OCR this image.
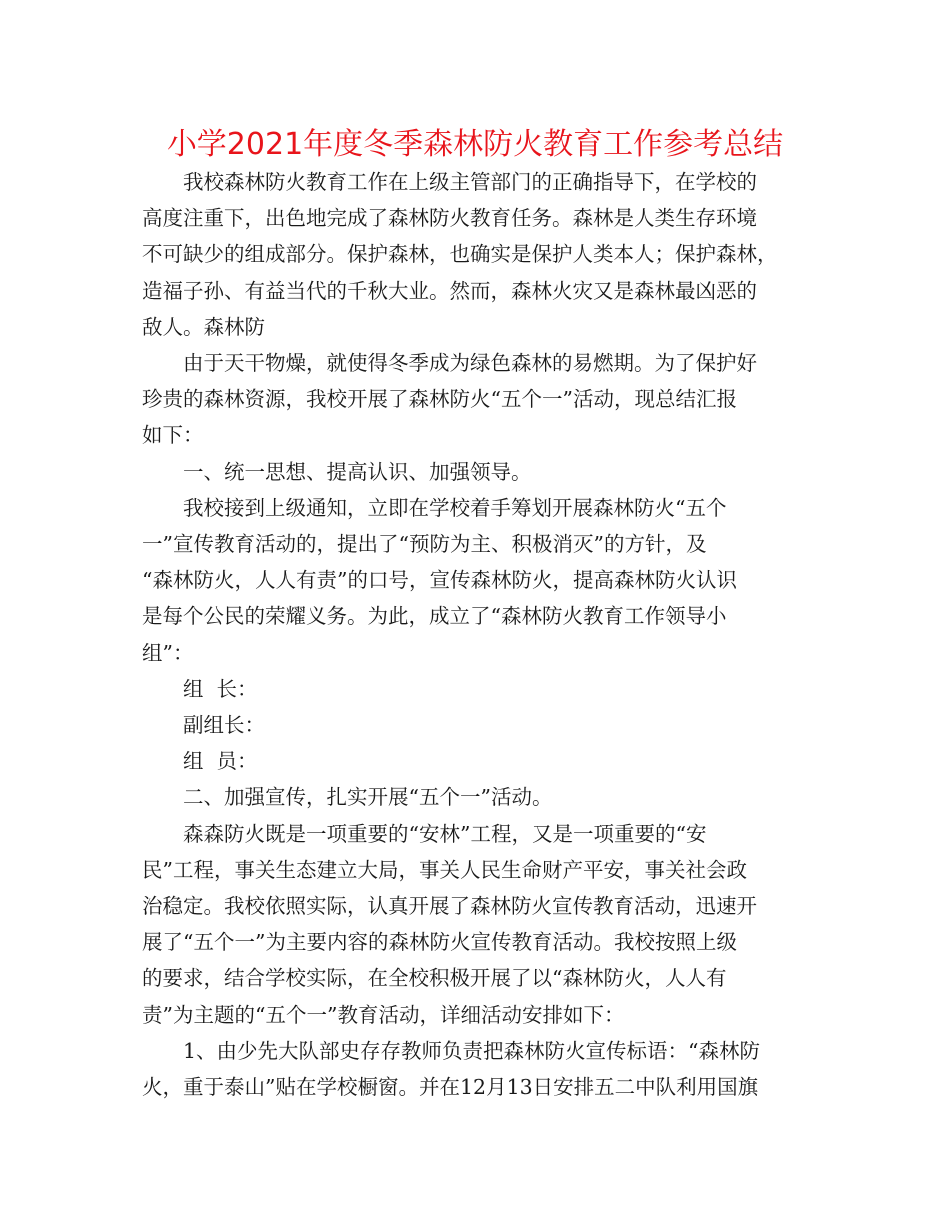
小学2021年度冬季森林防火教育工作参考总结
我校森林防火教育工作在上级主管部门的正确指导下，在学校的
高度注重下，出色地完成了森林防火教育任务。森林是人类生存环境
不可缺少的组成部分。保护森林，也确实是保护人类本人；保护森林，
造福子孙、有益当代的千秋大业。然而，森林火灾又是森林最凶恶的
敌人。森林防
由于天干物燥，就使得冬季成为绿色森林的易燃期。为了保护好
珍贵的森林资源，我校开展了森林防火“五个一”活动，现总结汇报
如下：
一、统一思想、提高认识、加强领导。
我校接到上级通知，立即在学校着手筹划开展森林防火“五个
一”宣传教育活动的，提出了“预防为主、积极消灭”的方针，及
“森林防火，人人有责”的口号，宣传森林防火，提高森林防火认识
是每个公民的荣耀义务。为此，成立了“森林防火教育工作领导小
组”：
组  长：
副组长：
组  员：
二、加强宣传，扎实开展“五个一”活动。
森森防火既是一项重要的“安林”工程，又是一项重要的“安
民”工程，事关生态建立大局，事关人民生命财产平安，事关社会政
治稳定。我校依照实际，认真开展了森林防火宣传教育活动，迅速开
展了“五个一”为主要内容的森林防火宣传教育活动。我校按照上级
的要求，结合学校实际，在全校积极开展了以“森林防火，人人有
责”为主题的“五个一”教育活动，详细活动安排如下：
1、由少先大队部史存存教师负责把森林防火宣传标语：“森林防
火，重于泰山”贴在学校橱窗。并在12月13日安排五二中队利用国旗
